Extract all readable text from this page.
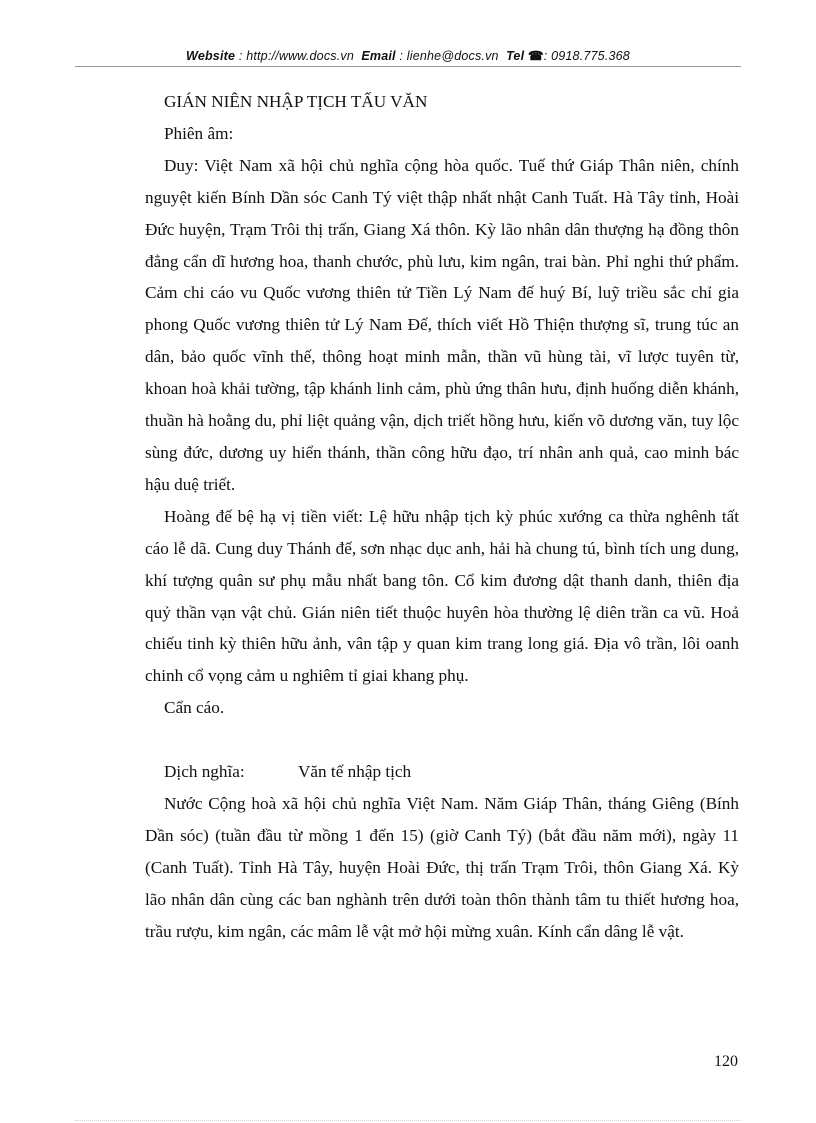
Website : http://www.docs.vn Email : lienhe@docs.vn Tel ☎: 0918.775.368
GIÁN NIÊN NHẬP TỊCH TẤU VĂN
Phiên âm:

Duy: Việt Nam xã hội chủ nghĩa cộng hòa quốc. Tuế thứ Giáp Thân niên, chính nguyệt kiến Bính Dần sóc Canh Tý việt thập nhất nhật Canh Tuất. Hà Tây tỉnh, Hoài Đức huyện, Trạm Trôi thị trấn, Giang Xá thôn. Kỳ lão nhân dân thượng hạ đồng thôn đẳng cẩn dĩ hương hoa, thanh chước, phù lưu, kim ngân, trai bàn. Phỉ nghi thứ phẩm. Cảm chi cáo vu Quốc vương thiên tử Tiền Lý Nam đế huý Bí, luỹ triều sắc chỉ gia phong Quốc vương thiên tử Lý Nam Đế, thích viết Hồ Thiện thượng sĩ, trung túc an dân, bảo quốc vĩnh thế, thông hoạt minh mẫn, thần vũ hùng tài, vĩ lược tuyên từ, khoan hoà khải tường, tập khánh linh cảm, phù ứng thân hưu, định huống diễn khánh, thuần hà hoằng du, phỉ liệt quảng vận, dịch triết hồng hưu, kiến võ dương văn, tuy lộc sùng đức, dương uy hiển thánh, thần công hữu đạo, trí nhân anh quả, cao minh bác hậu duệ triết.

Hoàng đế bệ hạ vị tiền viết: Lệ hữu nhập tịch kỳ phúc xướng ca thừa nghênh tất cáo lễ dã. Cung duy Thánh đế, sơn nhạc dục anh, hải hà chung tú, bình tích ung dung, khí tượng quân sư phụ mẫu nhất bang tôn. Cổ kim đương dật thanh danh, thiên địa quỷ thần vạn vật chủ. Gián niên tiết thuộc huyên hòa thường lệ diên trần ca vũ. Hoả chiếu tinh kỳ thiên hữu ảnh, vân tập y quan kim trang long giá. Địa vô trần, lôi oanh chinh cổ vọng cảm u nghiêm tỉ giai khang phụ.

Cẩn cáo.
Dịch nghĩa:	Văn tế nhập tịch

Nước Cộng hoà xã hội chủ nghĩa Việt Nam. Năm Giáp Thân, tháng Giêng (Bính Dần sóc) (tuần đầu từ mồng 1 đến 15) (giờ Canh Tý) (bắt đầu năm mới), ngày 11 (Canh Tuất). Tỉnh Hà Tây, huyện Hoài Đức, thị trấn Trạm Trôi, thôn Giang Xá. Kỳ lão nhân dân cùng các ban nghành trên dưới toàn thôn thành tâm tu thiết hương hoa, trầu rượu, kim ngân, các mâm lễ vật mở hội mừng xuân. Kính cẩn dâng lễ vật.

120
